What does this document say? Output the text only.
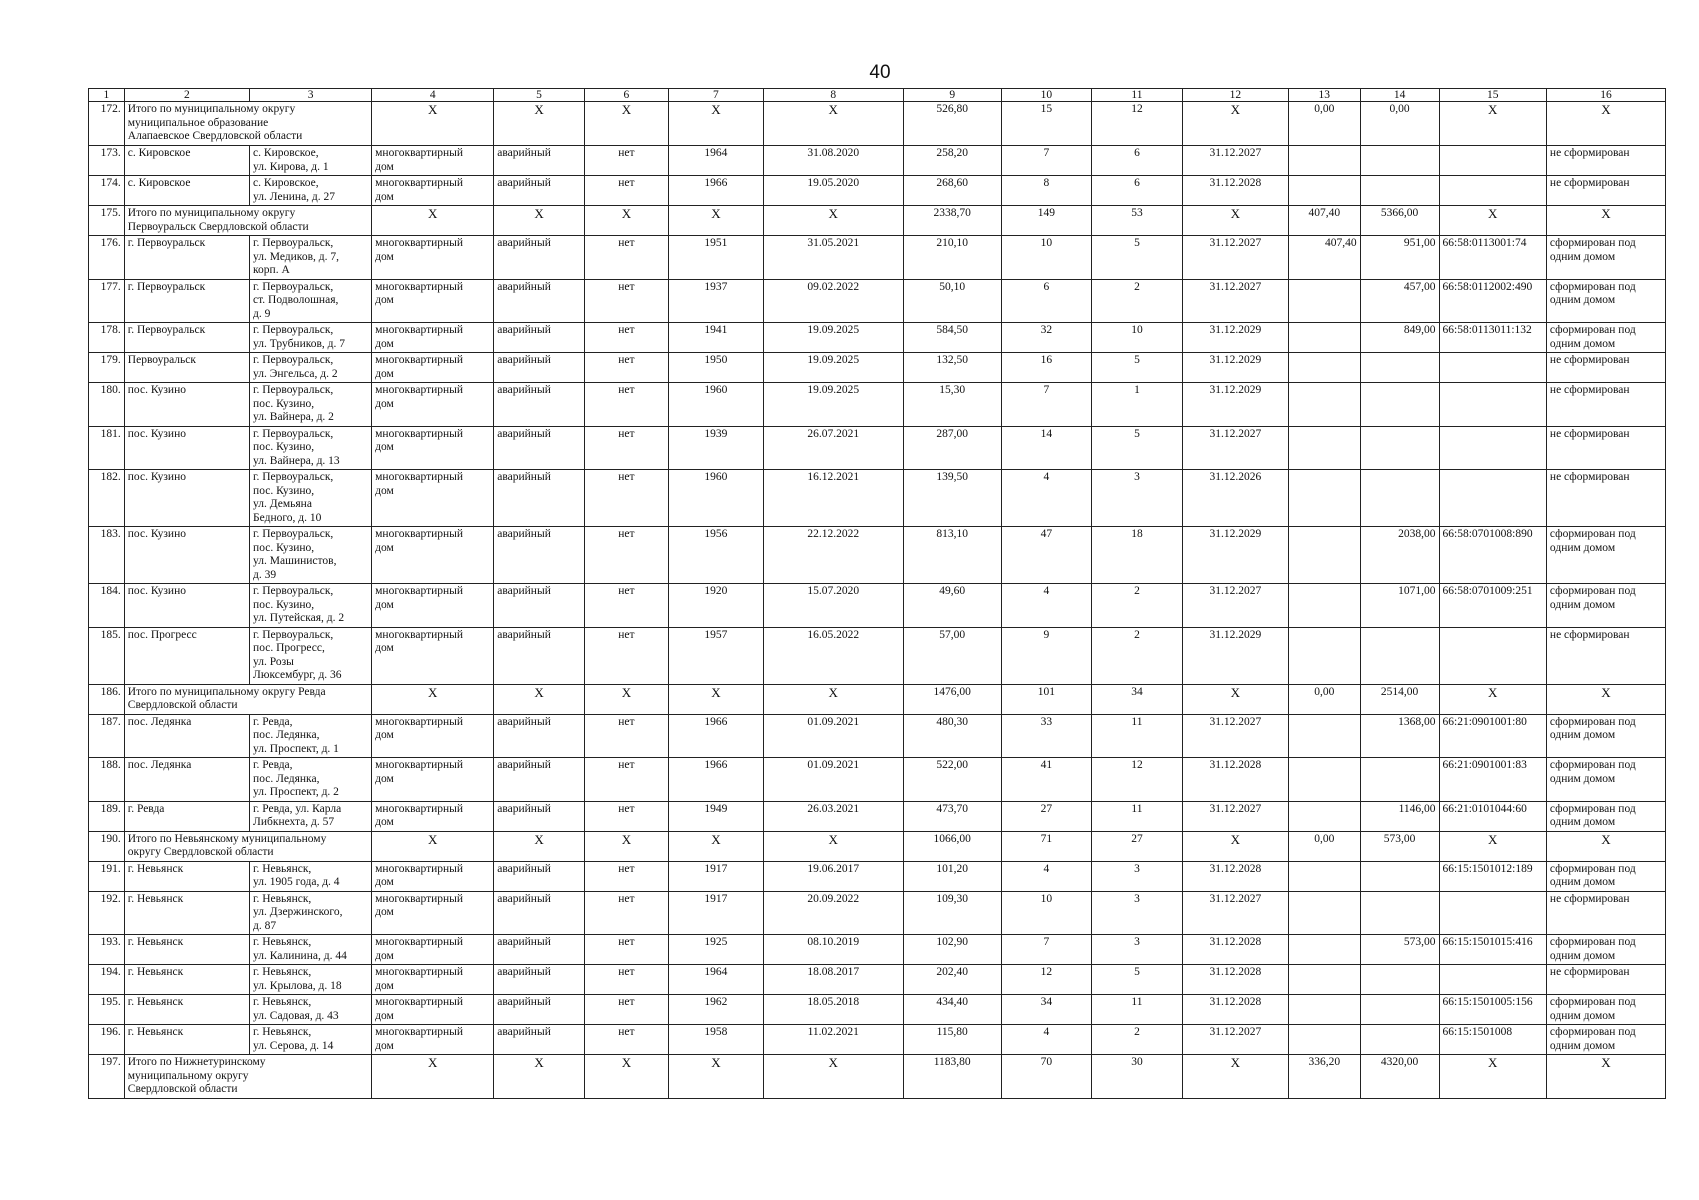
40
1	2	3	4	5	6	7	8	9	10	11	12	13	14	15	16
172.	Итого по муниципальному округу
муниципальное образование
Алапаевское Свердловской области		X	X	X	X	X	526,80	15	12	X	0,00	0,00	X	X
173.	с. Кировское	с. Кировское,
ул. Кирова, д. 1	многоквартирный
дом	аварийный	нет	1964	31.08.2020	258,20	7	6	31.12.2027				не сформирован
174.	с. Кировское	с. Кировское,
ул. Ленина, д. 27	многоквартирный
дом	аварийный	нет	1966	19.05.2020	268,60	8	6	31.12.2028				не сформирован
175.	Итого по муниципальному округу
Первоуральск Свердловской области		X	X	X	X	X	2338,70	149	53	X	407,40	5366,00	X	X
176.	г. Первоуральск	г. Первоуральск,
ул. Медиков, д. 7,
корп. А	многоквартирный
дом	аварийный	нет	1951	31.05.2021	210,10	10	5	31.12.2027	407,40	951,00	66:58:0113001:74	сформирован под
одним домом
177.	г. Первоуральск	г. Первоуральск,
ст. Подволошная,
д. 9	многоквартирный
дом	аварийный	нет	1937	09.02.2022	50,10	6	2	31.12.2027		457,00	66:58:0112002:490	сформирован под
одним домом
178.	г. Первоуральск	г. Первоуральск,
ул. Трубников, д. 7	многоквартирный
дом	аварийный	нет	1941	19.09.2025	584,50	32	10	31.12.2029		849,00	66:58:0113011:132	сформирован под
одним домом
179.	Первоуральск	г. Первоуральск,
ул. Энгельса, д. 2	многоквартирный
дом	аварийный	нет	1950	19.09.2025	132,50	16	5	31.12.2029				не сформирован
180.	пос. Кузино	г. Первоуральск,
пос. Кузино,
ул. Вайнера, д. 2	многоквартирный
дом	аварийный	нет	1960	19.09.2025	15,30	7	1	31.12.2029				не сформирован
181.	пос. Кузино	г. Первоуральск,
пос. Кузино,
ул. Вайнера, д. 13	многоквартирный
дом	аварийный	нет	1939	26.07.2021	287,00	14	5	31.12.2027				не сформирован
182.	пос. Кузино	г. Первоуральск,
пос. Кузино,
ул. Демьяна
Бедного, д. 10	многоквартирный
дом	аварийный	нет	1960	16.12.2021	139,50	4	3	31.12.2026				не сформирован
183.	пос. Кузино	г. Первоуральск,
пос. Кузино,
ул. Машинистов,
д. 39	многоквартирный
дом	аварийный	нет	1956	22.12.2022	813,10	47	18	31.12.2029		2038,00	66:58:0701008:890	сформирован под
одним домом
184.	пос. Кузино	г. Первоуральск,
пос. Кузино,
ул. Путейская, д. 2	многоквартирный
дом	аварийный	нет	1920	15.07.2020	49,60	4	2	31.12.2027		1071,00	66:58:0701009:251	сформирован под
одним домом
185.	пос. Прогресс	г. Первоуральск,
пос. Прогресс,
ул. Розы
Люксембург, д. 36	многоквартирный
дом	аварийный	нет	1957	16.05.2022	57,00	9	2	31.12.2029				не сформирован
186.	Итого по муниципальному округу Ревда
Свердловской области		X	X	X	X	X	1476,00	101	34	X	0,00	2514,00	X	X
187.	пос. Ледянка	г. Ревда,
пос. Ледянка,
ул. Проспект, д. 1	многоквартирный
дом	аварийный	нет	1966	01.09.2021	480,30	33	11	31.12.2027		1368,00	66:21:0901001:80	сформирован под
одним домом
188.	пос. Ледянка	г. Ревда,
пос. Ледянка,
ул. Проспект, д. 2	многоквартирный
дом	аварийный	нет	1966	01.09.2021	522,00	41	12	31.12.2028			66:21:0901001:83	сформирован под
одним домом
189.	г. Ревда	г. Ревда, ул. Карла
Либкнехта, д. 57	многоквартирный
дом	аварийный	нет	1949	26.03.2021	473,70	27	11	31.12.2027		1146,00	66:21:0101044:60	сформирован под
одним домом
190.	Итого по Невьянскому муниципальному
округу Свердловской области		X	X	X	X	X	1066,00	71	27	X	0,00	573,00	X	X
191.	г. Невьянск	г. Невьянск,
ул. 1905 года, д. 4	многоквартирный
дом	аварийный	нет	1917	19.06.2017	101,20	4	3	31.12.2028			66:15:1501012:189	сформирован под
одним домом
192.	г. Невьянск	г. Невьянск,
ул. Дзержинского,
д. 87	многоквартирный
дом	аварийный	нет	1917	20.09.2022	109,30	10	3	31.12.2027				не сформирован
193.	г. Невьянск	г. Невьянск,
ул. Калинина, д. 44	многоквартирный
дом	аварийный	нет	1925	08.10.2019	102,90	7	3	31.12.2028		573,00	66:15:1501015:416	сформирован под
одним домом
194.	г. Невьянск	г. Невьянск,
ул. Крылова, д. 18	многоквартирный
дом	аварийный	нет	1964	18.08.2017	202,40	12	5	31.12.2028				не сформирован
195.	г. Невьянск	г. Невьянск,
ул. Садовая, д. 43	многоквартирный
дом	аварийный	нет	1962	18.05.2018	434,40	34	11	31.12.2028			66:15:1501005:156	сформирован под
одним домом
196.	г. Невьянск	г. Невьянск,
ул. Серова, д. 14	многоквартирный
дом	аварийный	нет	1958	11.02.2021	115,80	4	2	31.12.2027			66:15:1501008	сформирован под
одним домом
197.	Итого по Нижнетуринскому
муниципальному округу
Свердловской области		X	X	X	X	X	1183,80	70	30	X	336,20	4320,00	X	X
